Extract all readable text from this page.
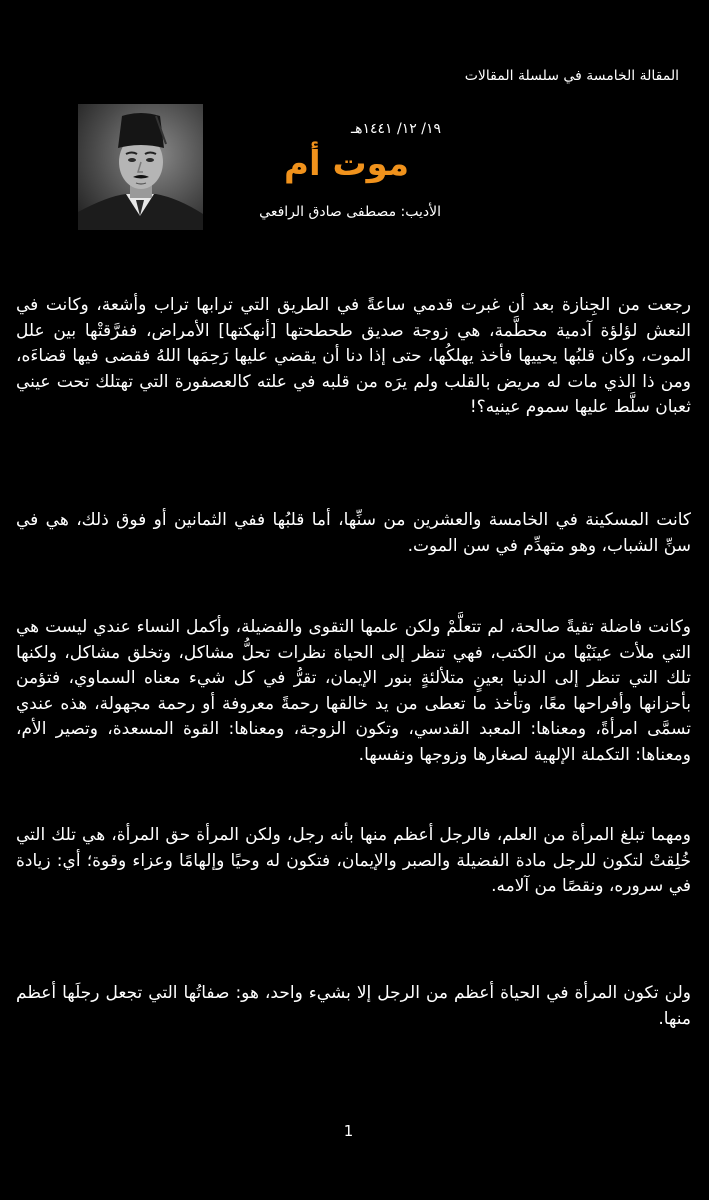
المقالة الخامسة في سلسلة المقالات
١٩/ ١٢/ ١٤٤١هـ
موت أم
الأديب: مصطفى صادق الرافعي

رجعت من الجِنازة بعد أن غبرت قدمي ساعةً في الطريق التي ترابها تراب وأشعة، وكانت في النعش لؤلؤة آدمية محطَّمة، هي زوجة صديق طحطحتها [أنهكتها] الأمراض، ففرَّقتْها بين علل الموت، وكان قلبُها يحييها فأخذ يهلكُها، حتى إذا دنا أن يقضي عليها رَحِمَها اللهُ فقضى فيها قضاءَه، ومن ذا الذي مات له مريض بالقلب ولم يرَه من قلبه في علته كالعصفورة التي تهتلك تحت عيني ثعبان سلَّط عليها سموم عينيه؟!

كانت المسكينة في الخامسة والعشرين من سنِّها، أما قلبُها ففي الثمانين أو فوق ذلك، هي في سنِّ الشباب، وهو متهدِّم في سن الموت.

وكانت فاضلة تقيةً صالحة، لم تتعلَّمْ ولكن علمها التقوى والفضيلة، وأكمل النساء عندي ليست هي التي ملأت عينَيْها من الكتب، فهي تنظر إلى الحياة نظرات تحلُّ مشاكل، وتخلق مشاكل، ولكنها تلك التي تنظر إلى الدنيا بعينٍ متلألئةٍ بنور الإيمان، تقرُّ في كل شيء معناه السماوي، فتؤمن بأحزانها وأفراحها معًا، وتأخذ ما تعطى من يد خالقها رحمةً معروفة أو رحمة مجهولة، هذه عندي تسمَّى امرأةً، ومعناها: المعبد القدسي، وتكون الزوجة، ومعناها: القوة المسعدة، وتصير الأم، ومعناها: التكملة الإلهية لصغارها وزوجها ونفسها.

ومهما تبلغ المرأة من العلم، فالرجل أعظم منها بأنه رجل، ولكن المرأة حق المرأة، هي تلك التي خُلِقتْ لتكون للرجل مادة الفضيلة والصبر والإيمان، فتكون له وحيًا وإلهامًا وعزاء وقوة؛ أي: زيادة في سروره، ونقصًا من آلامه.

ولن تكون المرأة في الحياة أعظم من الرجل إلا بشيء واحد، هو: صفاتُها التي تجعل رجلَها أعظم منها.

1
